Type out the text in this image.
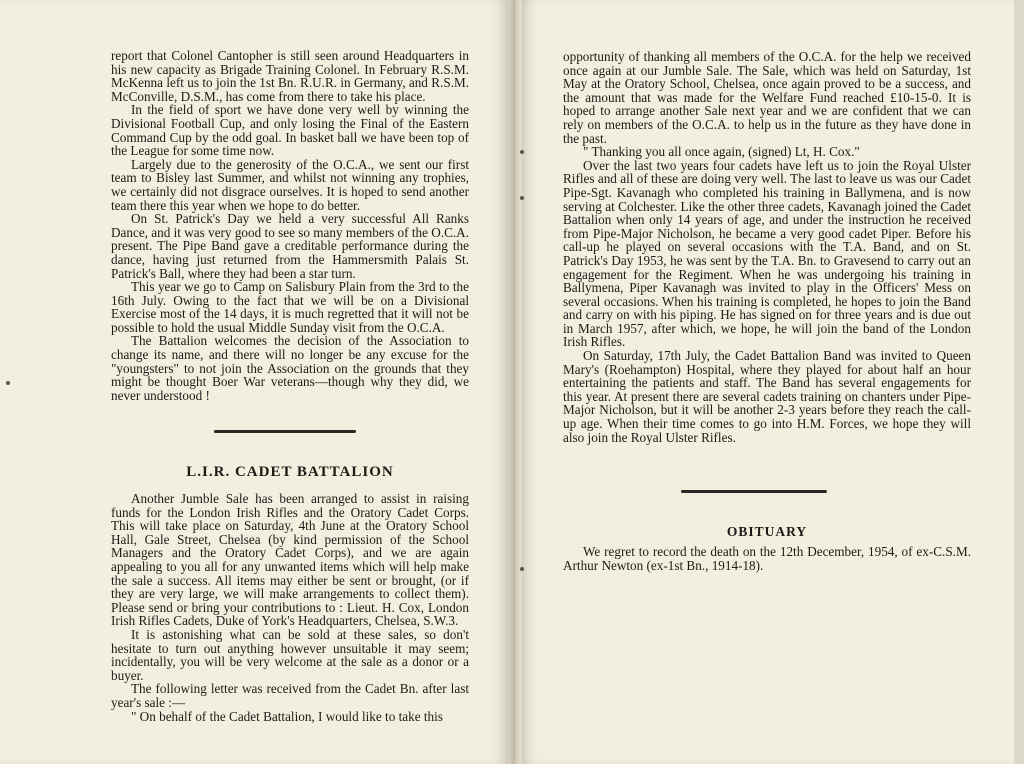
report that Colonel Cantopher is still seen around Headquarters in his new capacity as Brigade Training Colonel. In February R.S.M. McKenna left us to join the 1st Bn. R.U.R. in Germany, and R.S.M. McConville, D.S.M., has come from there to take his place.

In the field of sport we have done very well by winning the Divisional Football Cup, and only losing the Final of the Eastern Command Cup by the odd goal. In basket ball we have been top of the League for some time now.

Largely due to the generosity of the O.C.A., we sent our first team to Bisley last Summer, and whilst not winning any trophies, we certainly did not disgrace ourselves. It is hoped to send another team there this year when we hope to do better.

On St. Patrick's Day we held a very successful All Ranks Dance, and it was very good to see so many members of the O.C.A. present. The Pipe Band gave a creditable performance during the dance, having just returned from the Hammersmith Palais St. Patrick's Ball, where they had been a star turn.

This year we go to Camp on Salisbury Plain from the 3rd to the 16th July. Owing to the fact that we will be on a Divisional Exercise most of the 14 days, it is much regretted that it will not be possible to hold the usual Middle Sunday visit from the O.C.A.

The Battalion welcomes the decision of the Association to change its name, and there will no longer be any excuse for the "youngsters" to not join the Association on the grounds that they might be thought Boer War veterans—though why they did, we never understood !

L.I.R. CADET BATTALION

Another Jumble Sale has been arranged to assist in raising funds for the London Irish Rifles and the Oratory Cadet Corps. This will take place on Saturday, 4th June at the Oratory School Hall, Gale Street, Chelsea (by kind permission of the School Managers and the Oratory Cadet Corps), and we are again appealing to you all for any unwanted items which will help make the sale a success. All items may either be sent or brought, (or if they are very large, we will make arrangements to collect them). Please send or bring your contributions to : Lieut. H. Cox, London Irish Rifles Cadets, Duke of York's Headquarters, Chelsea, S.W.3.

It is astonishing what can be sold at these sales, so don't hesitate to turn out anything however unsuitable it may seem; incidentally, you will be very welcome at the sale as a donor or a buyer.

The following letter was received from the Cadet Bn. after last year's sale :—

" On behalf of the Cadet Battalion, I would like to take this

opportunity of thanking all members of the O.C.A. for the help we received once again at our Jumble Sale. The Sale, which was held on Saturday, 1st May at the Oratory School, Chelsea, once again proved to be a success, and the amount that was made for the Welfare Fund reached £10-15-0. It is hoped to arrange another Sale next year and we are confident that we can rely on members of the O.C.A. to help us in the future as they have done in the past.

" Thanking you all once again, (signed) Lt, H. Cox."

Over the last two years four cadets have left us to join the Royal Ulster Rifles and all of these are doing very well. The last to leave us was our Cadet Pipe-Sgt. Kavanagh who completed his training in Ballymena, and is now serving at Colchester. Like the other three cadets, Kavanagh joined the Cadet Battalion when only 14 years of age, and under the instruction he received from Pipe-Major Nicholson, he became a very good cadet Piper. Before his call-up he played on several occasions with the T.A. Band, and on St. Patrick's Day 1953, he was sent by the T.A. Bn. to Gravesend to carry out an engagement for the Regiment. When he was undergoing his training in Ballymena, Piper Kavanagh was invited to play in the Officers' Mess on several occasions. When his training is completed, he hopes to join the Band and carry on with his piping. He has signed on for three years and is due out in March 1957, after which, we hope, he will join the band of the London Irish Rifles.

On Saturday, 17th July, the Cadet Battalion Band was invited to Queen Mary's (Roehampton) Hospital, where they played for about half an hour entertaining the patients and staff. The Band has several engagements for this year. At present there are several cadets training on chanters under Pipe-Major Nicholson, but it will be another 2-3 years before they reach the call-up age. When their time comes to go into H.M. Forces, we hope they will also join the Royal Ulster Rifles.

OBITUARY

We regret to record the death on the 12th December, 1954, of ex-C.S.M. Arthur Newton (ex-1st Bn., 1914-18).
